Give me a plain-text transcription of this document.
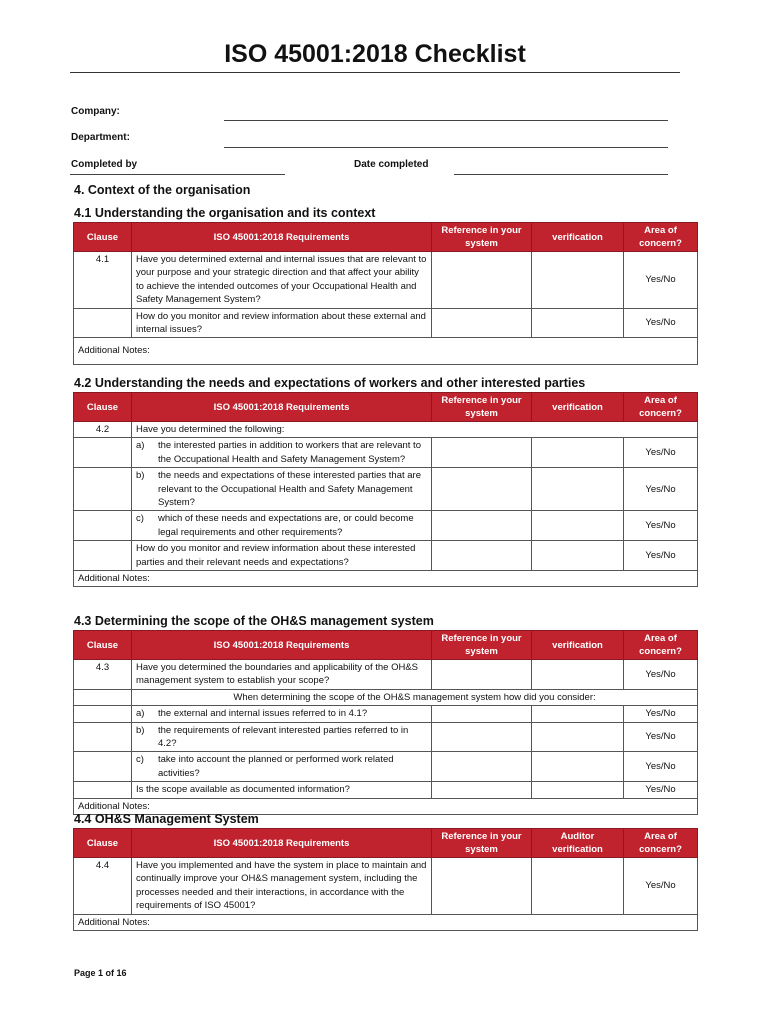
ISO 45001:2018 Checklist
Company:
Department:
Completed by	Date completed
4. Context of the organisation
4.1 Understanding the organisation and its context
Clause	ISO 45001:2018 Requirements	Reference in your system	verification	Area of concern?
4.1	Have you determined external and internal issues that are relevant to your purpose and your strategic direction and that affect your ability to achieve the intended outcomes of your Occupational Health and Safety Management System?			Yes/No
	How do you monitor and review information about these external and internal issues?			Yes/No
Additional Notes:				
4.2 Understanding the needs and expectations of workers and other interested parties
Clause	ISO 45001:2018 Requirements	Reference in your system	verification	Area of concern?
4.2	Have you determined the following:			

	a) the interested parties in addition to workers that are relevant to the Occupational Health and Safety Management System?			Yes/No

	b) the needs and expectations of these interested parties that are relevant to the Occupational Health and Safety Management System?			Yes/No

	c) which of these needs and expectations are, or could become legal requirements and other requirements?			Yes/No
	How do you monitor and review information about these interested parties and their relevant needs and expectations?			Yes/No
Additional Notes:				
4.3 Determining the scope of the OH&S management system
Clause	ISO 45001:2018 Requirements	Reference in your system	verification	Area of concern?
4.3	Have you determined the boundaries and applicability of the OH&S management system to establish your scope?			Yes/No
	When determining the scope of the OH&S management system how did you consider:			

	a) the external and internal issues referred to in 4.1?			Yes/No

	b) the requirements of relevant interested parties referred to in 4.2?			Yes/No

	c) take into account the planned or performed work related activities?			Yes/No
	Is the scope available as documented information?			Yes/No
Additional Notes:				
4.4 OH&S Management System
Clause	ISO 45001:2018 Requirements	Reference in your system	Auditor verification	Area of concern?
4.4	Have you implemented and have the system in place to maintain and continually improve your OH&S management system, including the processes needed and their interactions, in accordance with the requirements of ISO 45001?			Yes/No
Additional Notes:				
Page 1 of 16
